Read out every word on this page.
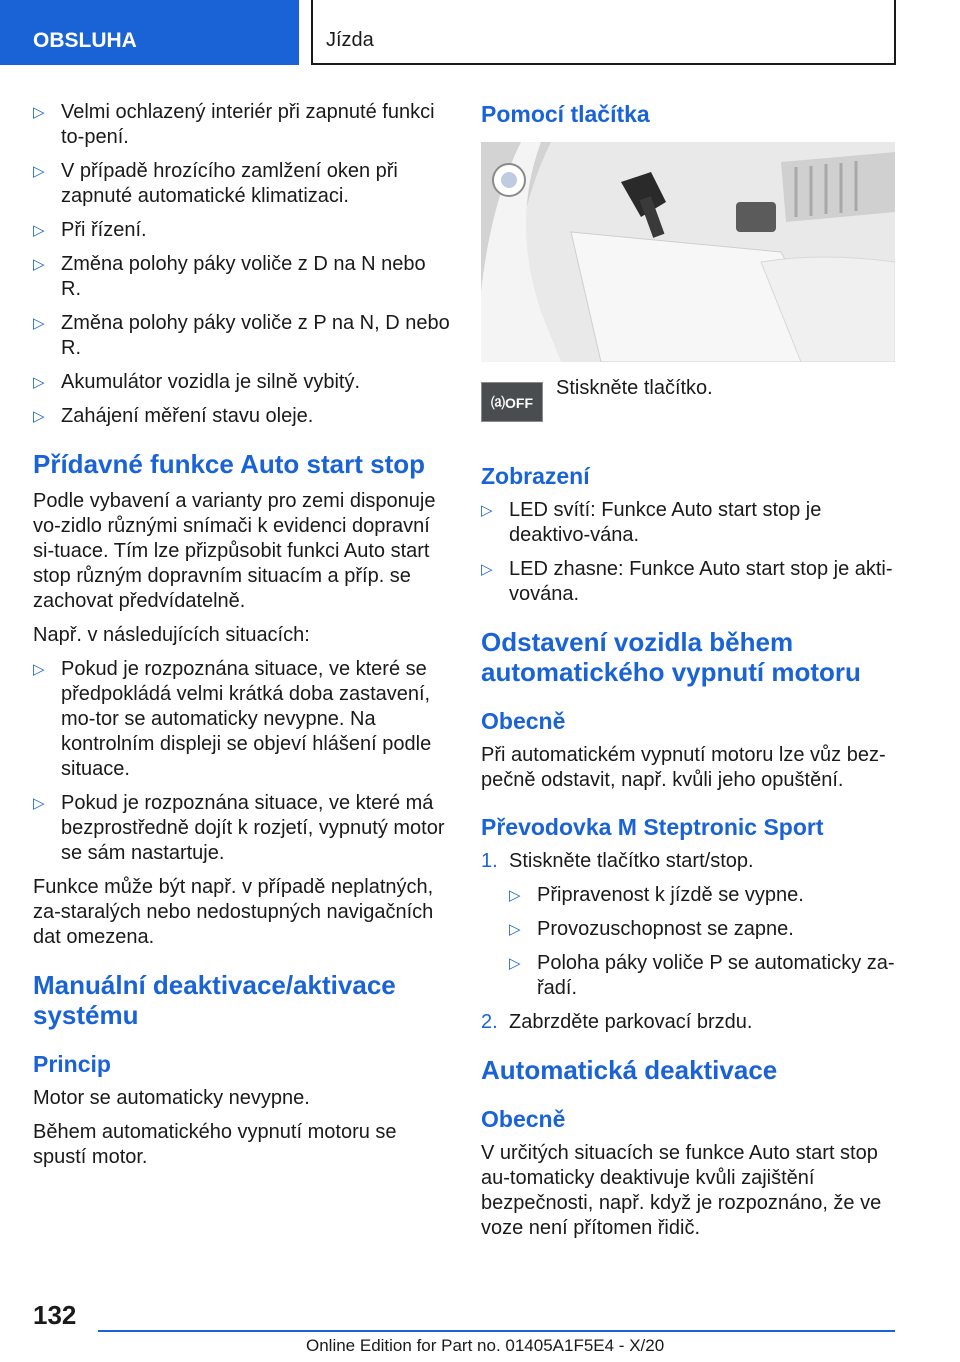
OBSLUHA	Jízda
▷ Velmi ochlazený interiér při zapnuté funkci to-pení.
▷ V případě hrozícího zamlžení oken při zapnuté automatické klimatizaci.
▷ Při řízení.
▷ Změna polohy páky voliče z D na N nebo R.
▷ Změna polohy páky voliče z P na N, D nebo R.
▷ Akumulátor vozidla je silně vybitý.
▷ Zahájení měření stavu oleje.
Přídavné funkce Auto start stop

Podle vybavení a varianty pro zemi disponuje vo-zidlo různými snímači k evidenci dopravní si-tuace. Tím lze přizpůsobit funkci Auto start stop různým dopravním situacím a příp. se zachovat předvídatelně.

Např. v následujících situacích:

▷ Pokud je rozpoznána situace, ve které se předpokládá velmi krátká doba zastavení, mo-tor se automaticky nevypne. Na kontrolním displeji se objeví hlášení podle situace.
▷ Pokud je rozpoznána situace, ve které má bezprostředně dojít k rozjetí, vypnutý motor se sám nastartuje.

Funkce může být např. v případě neplatných, za-staralých nebo nedostupných navigačních dat omezena.

Manuální deaktivace/aktivace systému
Princip

Motor se automaticky nevypne.

Během automatického vypnutí motoru se spustí motor.

Pomocí tlačítka
⒜OFF
Stiskněte tlačítko.
Zobrazení
▷ LED svítí: Funkce Auto start stop je deaktivo-vána.
▷ LED zhasne: Funkce Auto start stop je akti-vována.
Odstavení vozidla během automatického vypnutí motoru
Obecně

Při automatickém vypnutí motoru lze vůz bez-pečně odstavit, např. kvůli jeho opuštění.

Převodovka M Steptronic Sport
1. Stiskněte tlačítko start/stop.
▷ Připravenost k jízdě se vypne.
▷ Provozuschopnost se zapne.
▷ Poloha páky voliče P se automaticky za-řadí.
2. Zabrzděte parkovací brzdu.
Automatická deaktivace
Obecně

V určitých situacích se funkce Auto start stop au-tomaticky deaktivuje kvůli zajištění bezpečnosti, např. když je rozpoznáno, že ve voze není přítomen řidič.

132
Online Edition for Part no. 01405A1F5E4 - X/20
